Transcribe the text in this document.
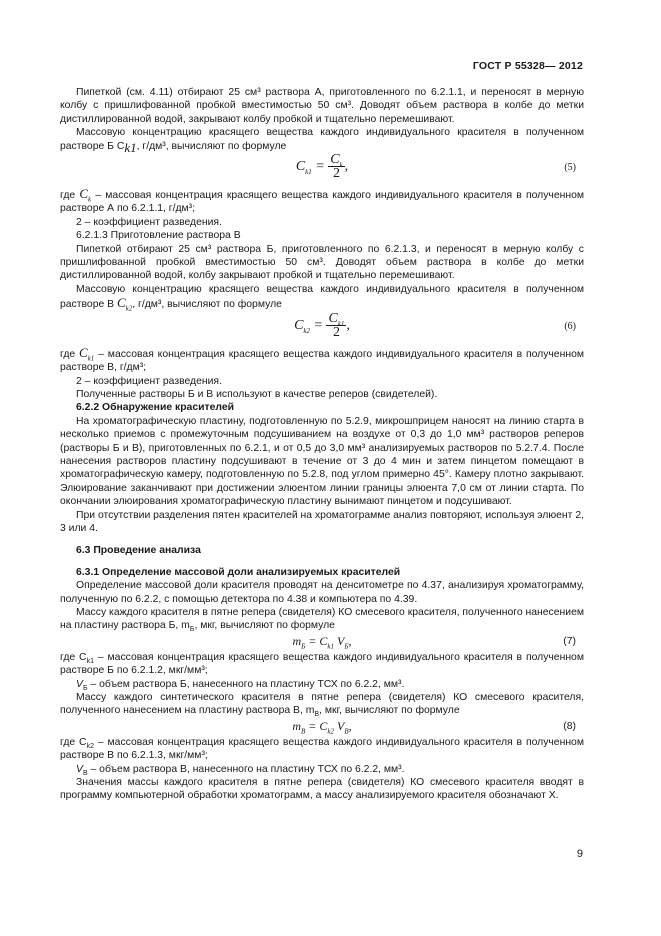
ГОСТ Р 55328— 2012

Пипеткой (см. 4.11) отбирают 25 см³ раствора А, приготовленного по 6.2.1.1, и переносят в мерную колбу с пришлифованной пробкой вместимостью 50 см³. Доводят объем раствора в колбе до метки дистиллированной водой, закрывают колбу пробкой и тщательно перемешивают.

Массовую концентрацию красящего вещества каждого индивидуального красителя в полученном растворе Б $C_{k1}$, г/дм³, вычисляют по формуле

$C_{k1} = \frac{C_k}{2}$ ,	(5)

где $C_k$ – массовая концентрация красящего вещества каждого индивидуального красителя в полученном растворе А по 6.2.1.1, г/дм³;

2 – коэффициент разведения.

6.2.1.3 Приготовление раствора В

Пипеткой отбирают 25 см³ раствора Б, приготовленного по 6.2.1.3, и переносят в мерную колбу с пришлифованной пробкой вместимостью 50 см³. Доводят объем раствора в колбе до метки дистиллированной водой, колбу закрывают пробкой и тщательно перемешивают.

Массовую концентрацию красящего вещества каждого индивидуального красителя в полученном растворе В $C_{k2}$, г/дм³, вычисляют по формуле

$C_{k2} = \frac{C_{k1}}{2}$ ,	(6)

где $C_{k1}$ – массовая концентрация красящего вещества каждого индивидуального красителя в полученном растворе В, г/дм³;

2 – коэффициент разведения.

Полученные растворы Б и В используют в качестве реперов (свидетелей).

6.2.2 Обнаружение красителей

На хроматографическую пластину, подготовленную по 5.2.9, микрошприцем наносят на линию старта в несколько приемов с промежуточным подсушиванием на воздухе от 0,3 до 1,0 мм³ растворов реперов (растворы Б и В), приготовленных по 6.2.1, и от 0,5 до 3,0 мм³ анализируемых растворов по 5.2.7.4. После нанесения растворов пластину подсушивают в течение от 3 до 4 мин и затем пинцетом помещают в хроматографическую камеру, подготовленную по 5.2.8, под углом примерно 45°. Камеру плотно закрывают. Элюирование заканчивают при достижении элюентом линии границы элюента 7,0 см от линии старта. По окончании элюирования хроматографическую пластину вынимают пинцетом и подсушивают.

При отсутствии разделения пятен красителей на хроматограмме анализ повторяют, используя элюент 2, 3 или 4.

6.3 Проведение анализа

6.3.1 Определение массовой доли анализируемых красителей

Определение массовой доли красителя проводят на денситометре по 4.37, анализируя хроматограмму, полученную по 6.2.2, с помощью детектора по 4.38 и компьютера по 4.39.

Массу каждого красителя в пятне репера (свидетеля) КО смесевого красителя, полученного нанесением на пластину раствора Б, $m_Б$, мкг, вычисляют по формуле

$m_Б = C_{k1}$ $V_Б$,	(7)

где $C_{k1}$ – массовая концентрация красящего вещества каждого индивидуального красителя в полученном растворе Б по 6.2.1.2, мкг/мм³;

$V_Б$ – объем раствора Б, нанесенного на пластину ТСХ по 6.2.2, мм³.

Массу каждого синтетического красителя в пятне репера (свидетеля) КО смесевого красителя, полученного нанесением на пластину раствора В, $m_В$, мкг, вычисляют по формуле

$m_В = C_{k2}$ $V_В$,	(8)

где $C_{k2}$ – массовая концентрация красящего вещества каждого индивидуального красителя в полученном растворе В по 6.2.1.3, мкг/мм³;

$V_В$ – объем раствора В, нанесенного на пластину ТСХ по 6.2.2, мм³.

Значения массы каждого красителя в пятне репера (свидетеля) КО смесевого красителя вводят в программу компьютерной обработки хроматограмм, а массу анализируемого красителя обозначают X.

9
